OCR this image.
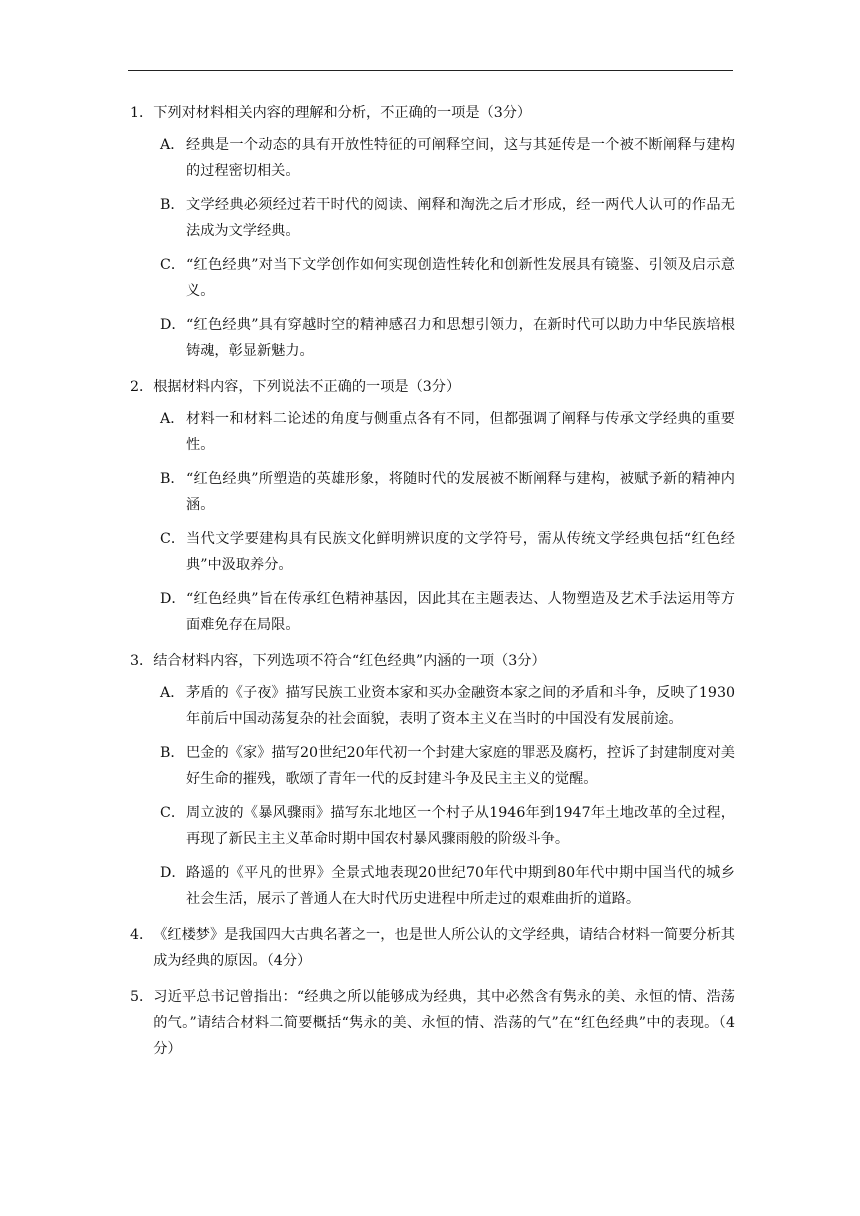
1． 下列对材料相关内容的理解和分析，不正确的一项是（3分）
A． 经典是一个动态的具有开放性特征的可阐释空间，这与其延传是一个被不断阐释与建构的过程密切相关。
B． 文学经典必须经过若干时代的阅读、阐释和淘洗之后才形成，经一两代人认可的作品无法成为文学经典。
C． “红色经典”对当下文学创作如何实现创造性转化和创新性发展具有镜鉴、引领及启示意义。
D． “红色经典”具有穿越时空的精神感召力和思想引领力，在新时代可以助力中华民族培根铸魂，彰显新魅力。
2． 根据材料内容，下列说法不正确的一项是（3分）
A． 材料一和材料二论述的角度与侧重点各有不同，但都强调了阐释与传承文学经典的重要性。
B． “红色经典”所塑造的英雄形象，将随时代的发展被不断阐释与建构，被赋予新的精神内涵。
C． 当代文学要建构具有民族文化鲜明辨识度的文学符号，需从传统文学经典包括“红色经典”中汲取养分。
D． “红色经典”旨在传承红色精神基因，因此其在主题表达、人物塑造及艺术手法运用等方面难免存在局限。
3． 结合材料内容，下列选项不符合“红色经典”内涵的一项（3分）
A． 茅盾的《子夜》描写民族工业资本家和买办金融资本家之间的矛盾和斗争，反映了1930年前后中国动荡复杂的社会面貌，表明了资本主义在当时的中国没有发展前途。
B． 巴金的《家》描写20世纪20年代初一个封建大家庭的罪恶及腐朽，控诉了封建制度对美好生命的摧残，歌颂了青年一代的反封建斗争及民主主义的觉醒。
C． 周立波的《暴风骤雨》描写东北地区一个村子从1946年到1947年土地改革的全过程，再现了新民主主义革命时期中国农村暴风骤雨般的阶级斗争。
D． 路遥的《平凡的世界》全景式地表现20世纪70年代中期到80年代中期中国当代的城乡社会生活，展示了普通人在大时代历史进程中所走过的艰难曲折的道路。
4． 《红楼梦》是我国四大古典名著之一，也是世人所公认的文学经典，请结合材料一简要分析其成为经典的原因。（4分）
5． 习近平总书记曾指出：“经典之所以能够成为经典，其中必然含有隽永的美、永恒的情、浩荡的气。”请结合材料二简要概括“隽永的美、永恒的情、浩荡的气”在“红色经典”中的表现。（4分）
